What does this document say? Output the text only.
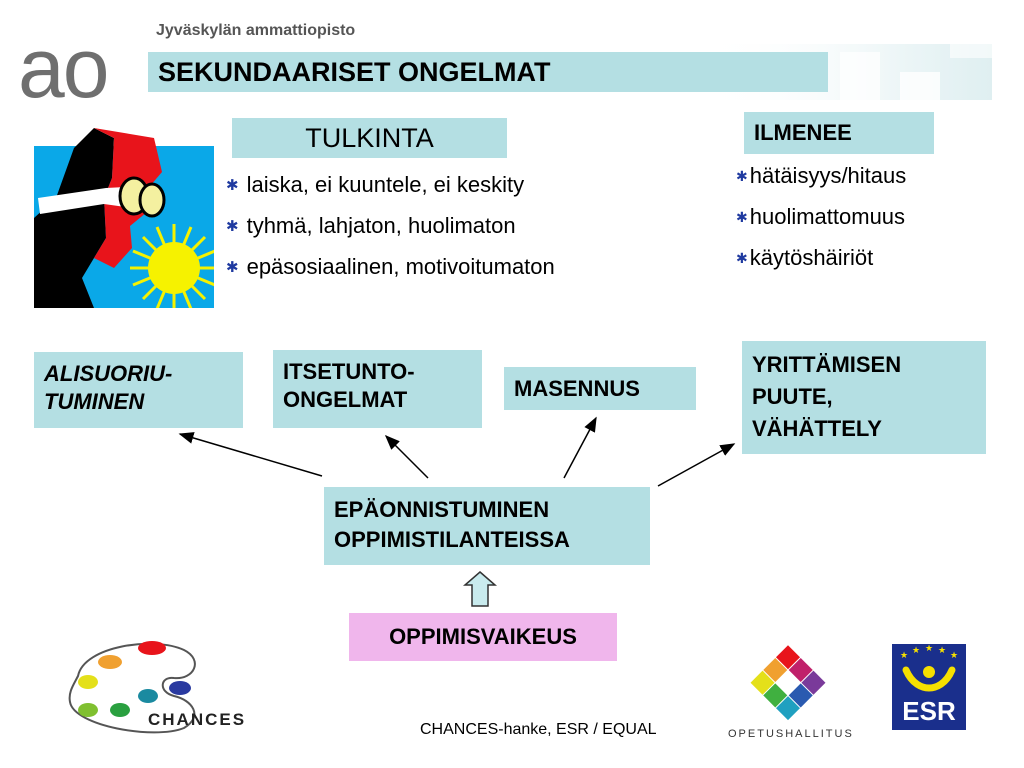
ao	Jyväskylän ammattiopisto
SEKUNDAARISET ONGELMAT
TULKINTA
✱ laiska, ei kuuntele, ei keskity
✱ tyhmä, lahjaton, huolimaton
✱ epäsosiaalinen, motivoitumaton
ILMENEE
✱hätäisyys/hitaus
✱huolimattomuus
✱käytöshäiriöt
ALISUORIU-
TUMINEN
ITSETUNTO-
ONGELMAT	MASENNUS
YRITTÄMISEN
PUUTE,
VÄHÄTTELY
EPÄONNISTUMINEN
OPPIMISTILANTEISSA
OPPIMISVAIKEUS
CHANCES
CHANCES-hanke, ESR / EQUAL	OPETUSHALLITUS
★ ★ ★ ★ ★
ESR
